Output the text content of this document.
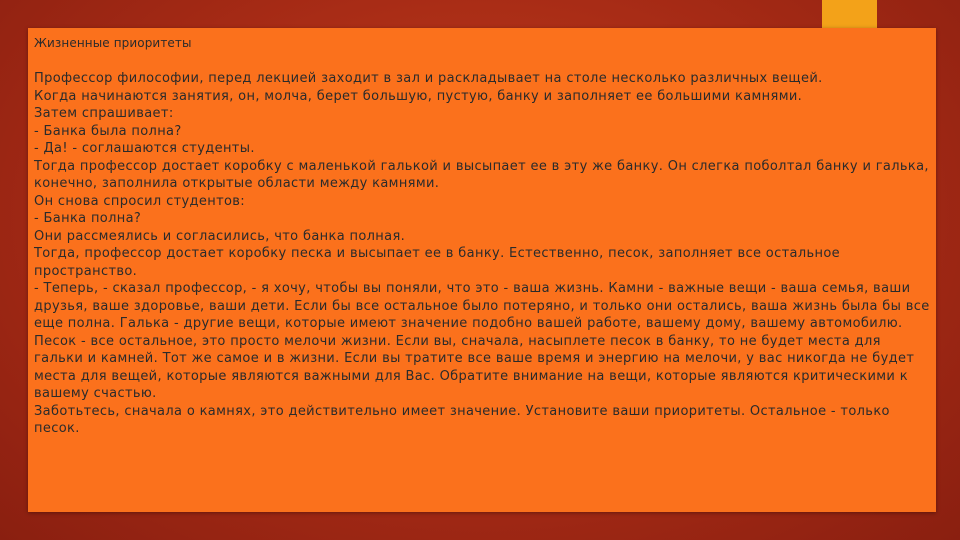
Жизненные приоритеты

Профессор философии, перед лекцией заходит в зал и раскладывает на столе несколько различных вещей.

Когда начинаются занятия, он, молча, берет большую, пустую, банку и заполняет ее большими камнями.

Затем спрашивает:

- Банка была полна?

- Да! - соглашаются студенты.

Тогда профессор достает коробку с маленькой галькой и высыпает ее в эту же банку. Он слегка поболтал банку и галька, конечно, заполнила открытые области между камнями.

Он снова спросил студентов:

- Банка полна?

Они рассмеялись и согласились, что банка полная.

Тогда, профессор достает коробку песка и высыпает ее в банку. Естественно, песок, заполняет все остальное пространство.

- Теперь, - сказал профессор, - я хочу, чтобы вы поняли, что это - ваша жизнь. Камни - важные вещи - ваша семья, ваши друзья, ваше здоровье, ваши дети. Если бы все остальное было потеряно, и только они остались, ваша жизнь была бы все еще полна. Галька - другие вещи, которые имеют значение подобно вашей работе, вашему дому, вашему автомобилю. Песок - все остальное, это просто мелочи жизни. Если вы, сначала, насыплете песок в банку, то не будет места для гальки и камней. Тот же самое и в жизни. Если вы тратите все ваше время и энергию на мелочи, у вас никогда не будет места для вещей, которые являются важными для Вас. Обратите внимание на вещи, которые являются критическими к вашему счастью.

Заботьтесь, сначала о камнях, это действительно имеет значение. Установите ваши приоритеты. Остальное - только песок.
